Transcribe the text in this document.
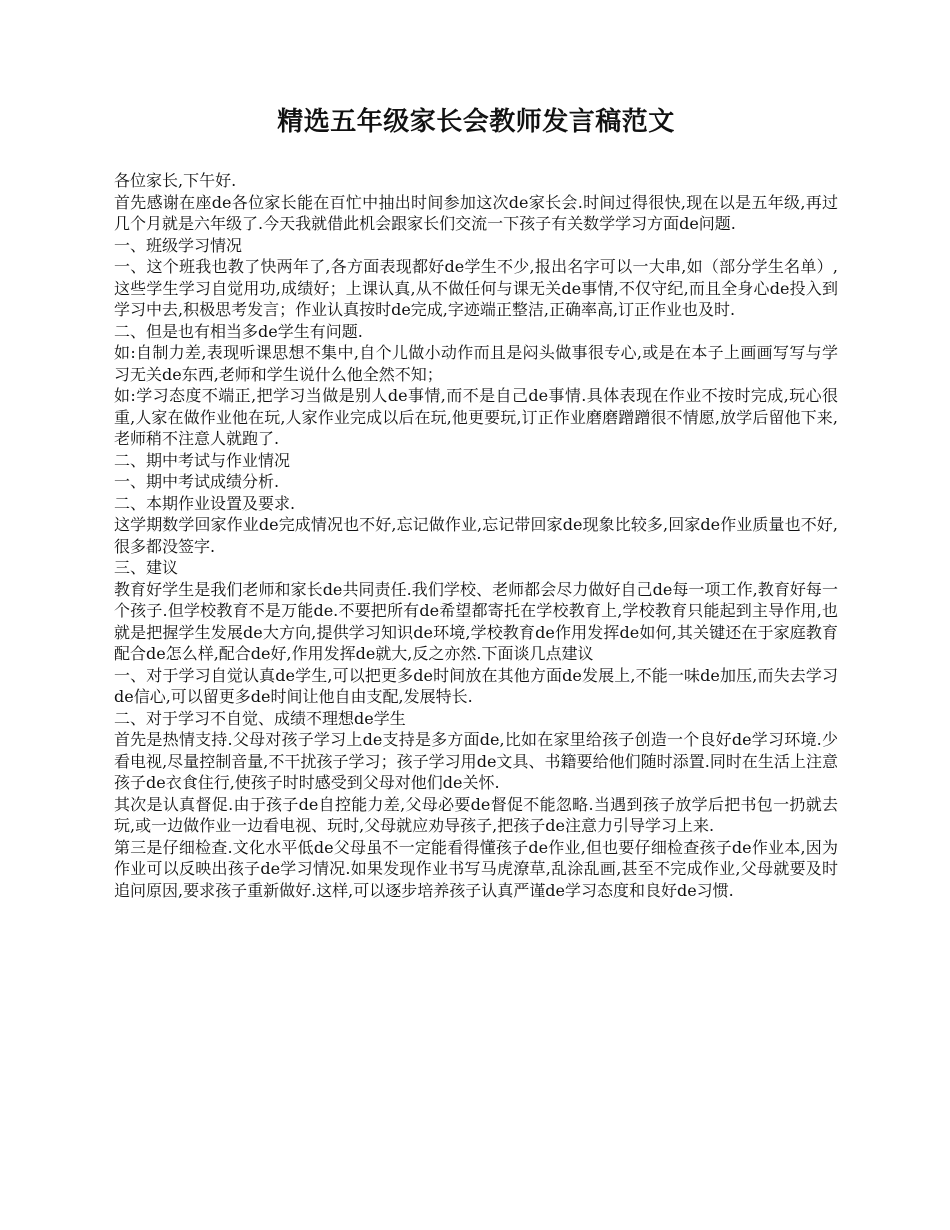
精选五年级家长会教师发言稿范文

各位家长,下午好.

首先感谢在座de各位家长能在百忙中抽出时间参加这次de家长会.时间过得很快,现在以是五年级,再过几个月就是六年级了.今天我就借此机会跟家长们交流一下孩子有关数学学习方面de问题.

一、班级学习情况

一、这个班我也教了快两年了,各方面表现都好de学生不少,报出名字可以一大串,如（部分学生名单）,这些学生学习自觉用功,成绩好；上课认真,从不做任何与课无关de事情,不仅守纪,而且全身心de投入到学习中去,积极思考发言；作业认真按时de完成,字迹端正整洁,正确率高,订正作业也及时.

二、但是也有相当多de学生有问题.

如:自制力差,表现听课思想不集中,自个儿做小动作而且是闷头做事很专心,或是在本子上画画写写与学习无关de东西,老师和学生说什么他全然不知；

如:学习态度不端正,把学习当做是别人de事情,而不是自己de事情.具体表现在作业不按时完成,玩心很重,人家在做作业他在玩,人家作业完成以后在玩,他更要玩,订正作业磨磨蹭蹭很不情愿,放学后留他下来,老师稍不注意人就跑了.

二、期中考试与作业情况

一、期中考试成绩分析.

二、本期作业设置及要求.

这学期数学回家作业de完成情况也不好,忘记做作业,忘记带回家de现象比较多,回家de作业质量也不好,很多都没签字.

三、建议

教育好学生是我们老师和家长de共同责任.我们学校、老师都会尽力做好自己de每一项工作,教育好每一个孩子.但学校教育不是万能de.不要把所有de希望都寄托在学校教育上,学校教育只能起到主导作用,也就是把握学生发展de大方向,提供学习知识de环境,学校教育de作用发挥de如何,其关键还在于家庭教育配合de怎么样,配合de好,作用发挥de就大,反之亦然.下面谈几点建议

一、对于学习自觉认真de学生,可以把更多de时间放在其他方面de发展上,不能一味de加压,而失去学习de信心,可以留更多de时间让他自由支配,发展特长.

二、对于学习不自觉、成绩不理想de学生

首先是热情支持.父母对孩子学习上de支持是多方面de,比如在家里给孩子创造一个良好de学习环境.少看电视,尽量控制音量,不干扰孩子学习；孩子学习用de文具、书籍要给他们随时添置.同时在生活上注意孩子de衣食住行,使孩子时时感受到父母对他们de关怀.

其次是认真督促.由于孩子de自控能力差,父母必要de督促不能忽略.当遇到孩子放学后把书包一扔就去玩,或一边做作业一边看电视、玩时,父母就应劝导孩子,把孩子de注意力引导学习上来.

第三是仔细检查.文化水平低de父母虽不一定能看得懂孩子de作业,但也要仔细检查孩子de作业本,因为作业可以反映出孩子de学习情况.如果发现作业书写马虎潦草,乱涂乱画,甚至不完成作业,父母就要及时追问原因,要求孩子重新做好.这样,可以逐步培养孩子认真严谨de学习态度和良好de习惯.
